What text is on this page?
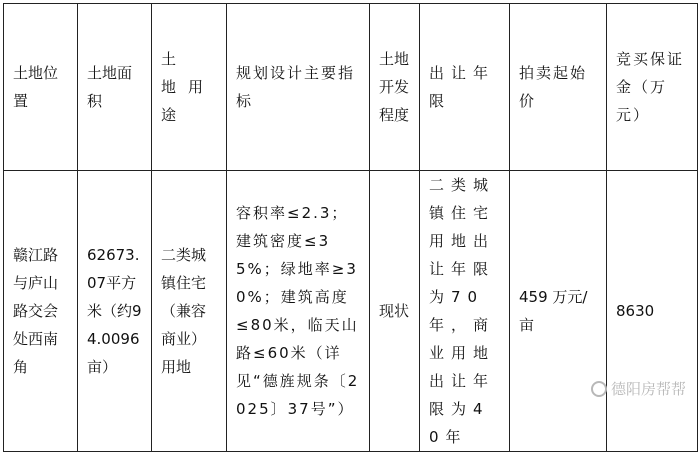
土地位置	土地面积	土 地用途	规划设计主要指标	土地开发程度	出让年限	拍卖起始价	竞买保证金（万元）

赣江路与庐山路交会处西南角	62673.07平方米（约94.0096亩）	二类城镇住宅（兼容商业）用地	容积率≤2.3；建筑密度≤35%；绿地率≥30%；建筑高度≤80米，临天山路≤60米（详见“德旌规条〔2025〕37号”）	现状	二类城镇住宅用地出让年限为70年，商业用地出让年限为40年	459 万元/亩	8630
德阳房帮帮
